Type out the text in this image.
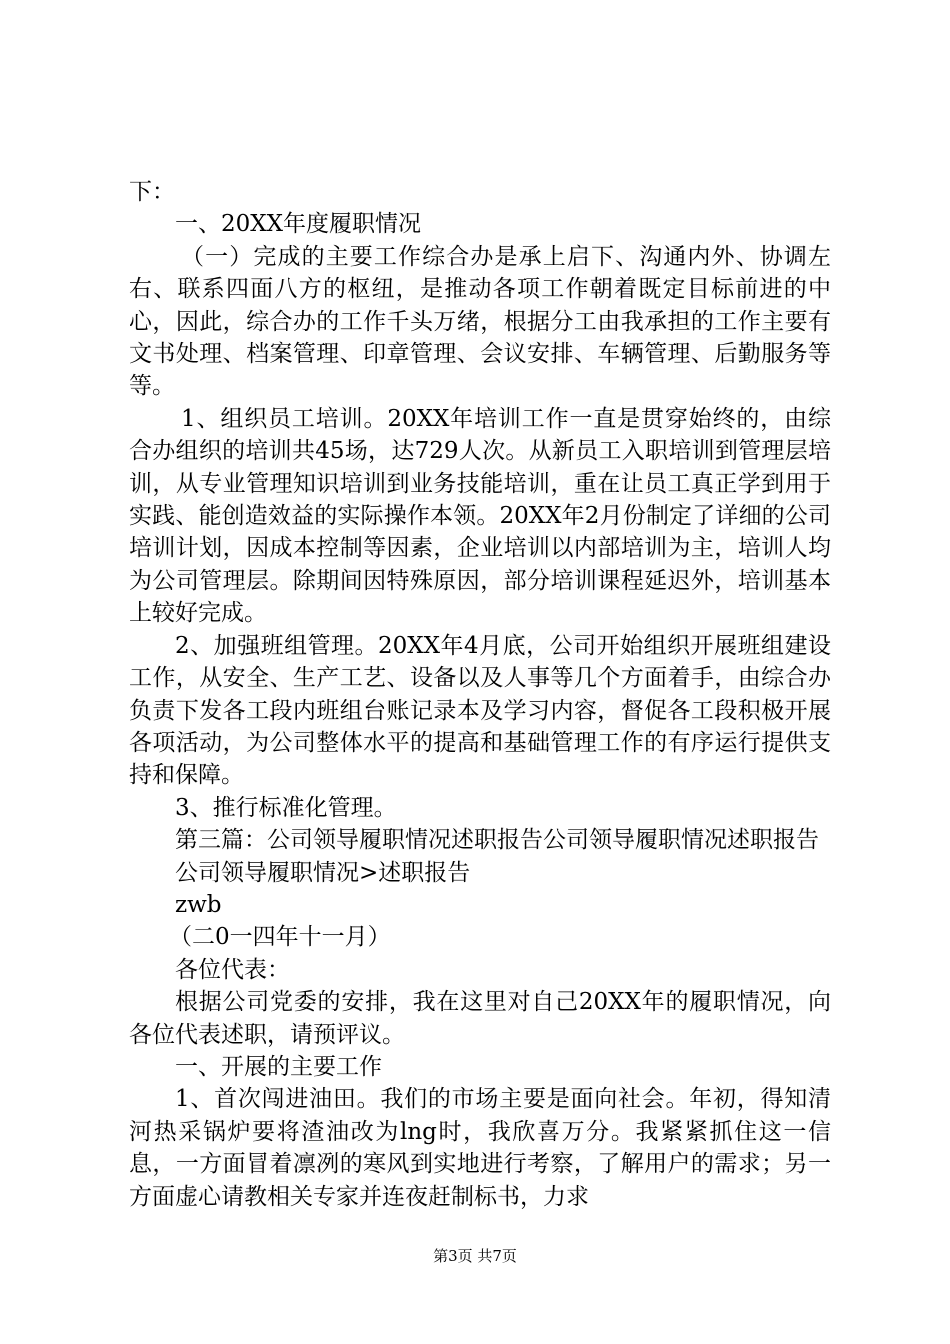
下：

一、20XX年度履职情况

（一）完成的主要工作综合办是承上启下、沟通内外、协调左右、联系四面八方的枢纽，是推动各项工作朝着既定目标前进的中心，因此，综合办的工作千头万绪，根据分工由我承担的工作主要有文书处理、档案管理、印章管理、会议安排、车辆管理、后勤服务等等。

1、组织员工培训。20XX年培训工作一直是贯穿始终的，由综合办组织的培训共45场，达729人次。从新员工入职培训到管理层培训，从专业管理知识培训到业务技能培训，重在让员工真正学到用于实践、能创造效益的实际操作本领。20XX年2月份制定了详细的公司培训计划，因成本控制等因素，企业培训以内部培训为主，培训人均为公司管理层。除期间因特殊原因，部分培训课程延迟外，培训基本上较好完成。

2、加强班组管理。20XX年4月底，公司开始组织开展班组建设工作，从安全、生产工艺、设备以及人事等几个方面着手，由综合办负责下发各工段内班组台账记录本及学习内容，督促各工段积极开展各项活动，为公司整体水平的提高和基础管理工作的有序运行提供支持和保障。

3、推行标准化管理。

第三篇：公司领导履职情况述职报告公司领导履职情况述职报告

公司领导履职情况>述职报告

zwb

（二0一四年十一月）

各位代表：

根据公司党委的安排，我在这里对自己20XX年的履职情况，向各位代表述职，请预评议。

一、开展的主要工作

1、首次闯进油田。我们的市场主要是面向社会。年初，得知清河热采锅炉要将渣油改为lng时，我欣喜万分。我紧紧抓住这一信息，一方面冒着凛冽的寒风到实地进行考察，了解用户的需求；另一方面虚心请教相关专家并连夜赶制标书，力求

第3页 共7页
